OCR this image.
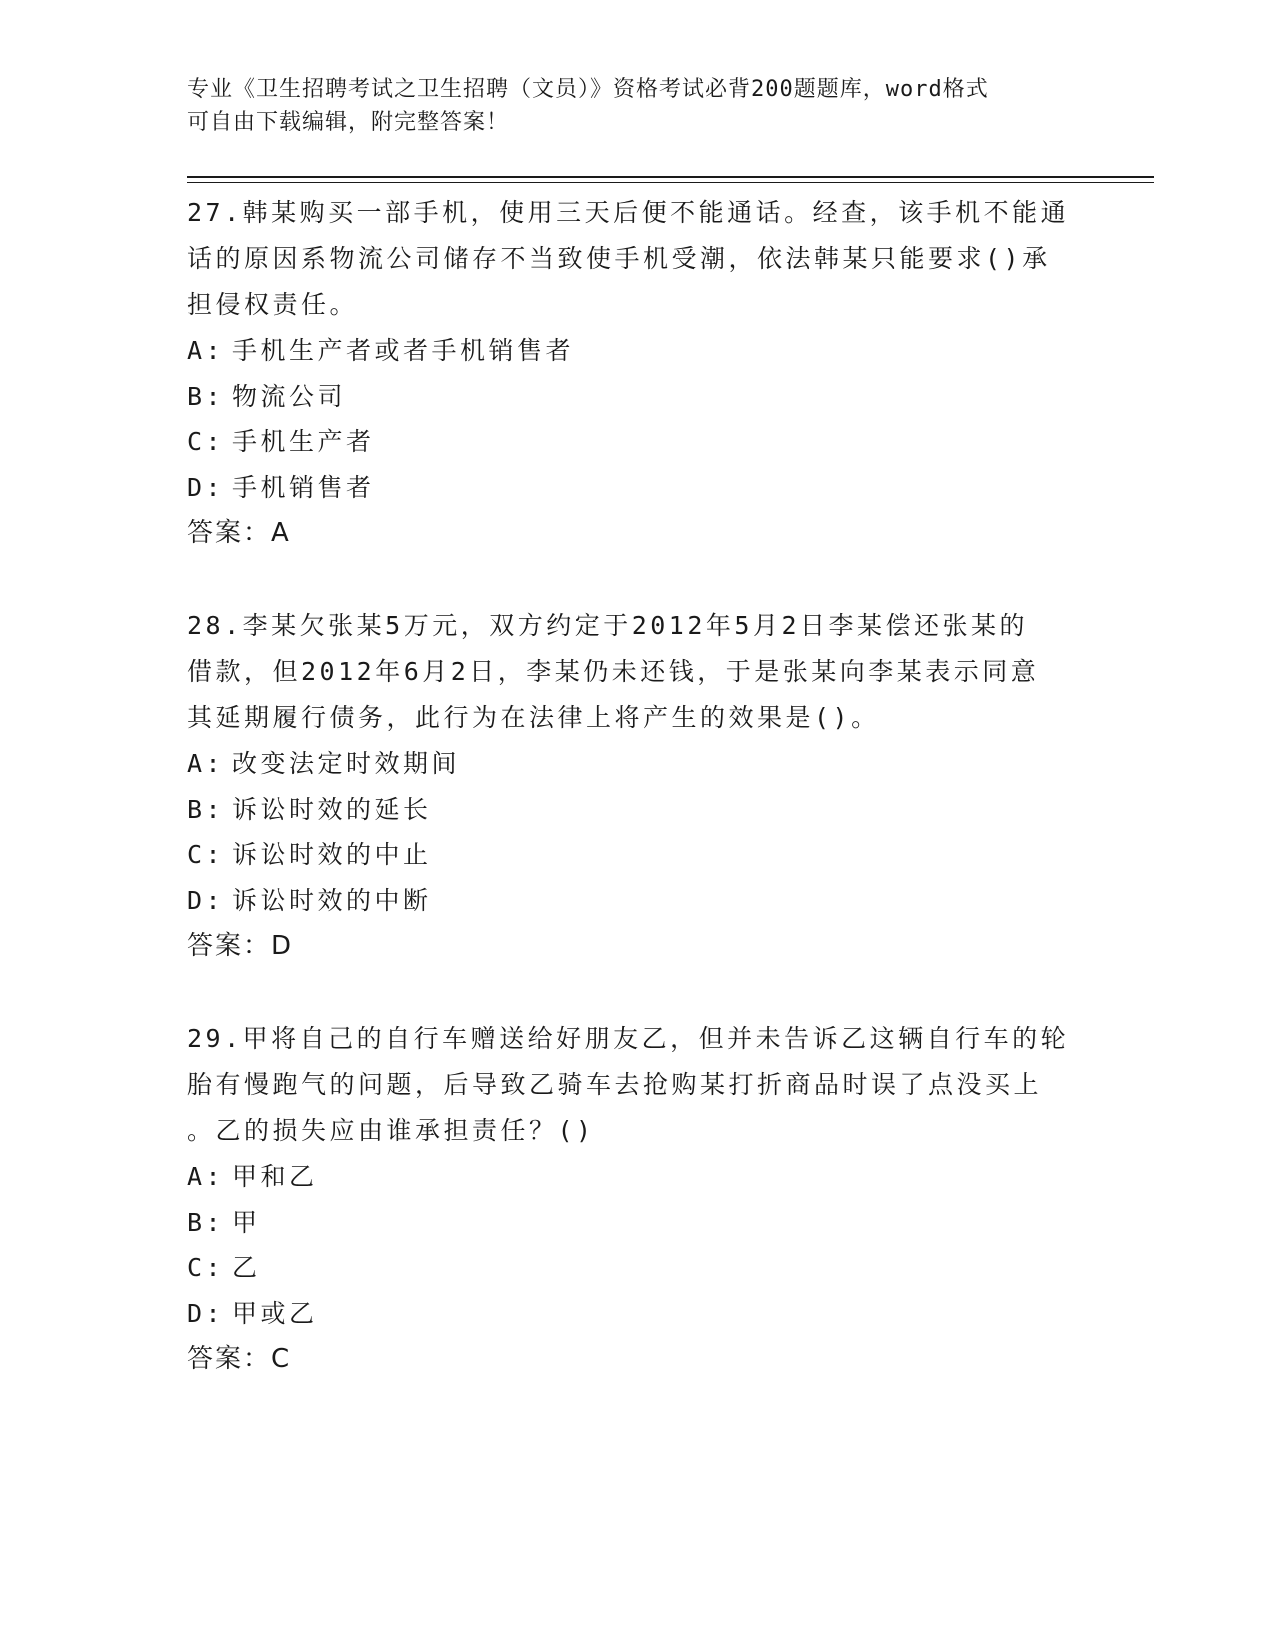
专业《卫生招聘考试之卫生招聘（文员）》资格考试必背200题题库，word格式
可自由下载编辑，附完整答案！
27.韩某购买一部手机，使用三天后便不能通话。经查，该手机不能通
话的原因系物流公司储存不当致使手机受潮，依法韩某只能要求()承
担侵权责任。
A: 手机生产者或者手机销售者
B: 物流公司
C: 手机生产者
D: 手机销售者
答案：A
28.李某欠张某5万元，双方约定于2012年5月2日李某偿还张某的
借款，但2012年6月2日，李某仍未还钱，于是张某向李某表示同意
其延期履行债务，此行为在法律上将产生的效果是()。
A: 改变法定时效期间
B: 诉讼时效的延长
C: 诉讼时效的中止
D: 诉讼时效的中断
答案：D
29.甲将自己的自行车赠送给好朋友乙，但并未告诉乙这辆自行车的轮
胎有慢跑气的问题，后导致乙骑车去抢购某打折商品时误了点没买上
。乙的损失应由谁承担责任？()
A: 甲和乙
B: 甲
C: 乙
D: 甲或乙
答案：C
